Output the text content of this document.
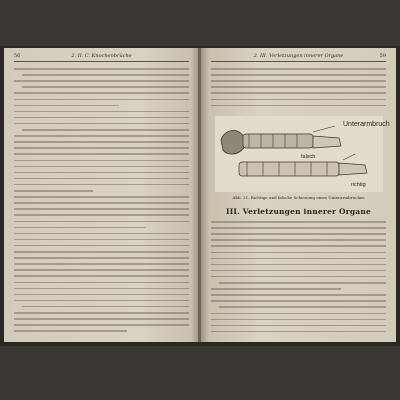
56	2. II. C. Knochenbrüche	2. III. Verletzungen innerer Organe	59
Unterarmbruch
falsch
richtig
Abb. 21. Richtige und falsche Schienung eines Unterarmbruches
III. Verletzungen innerer Organe
